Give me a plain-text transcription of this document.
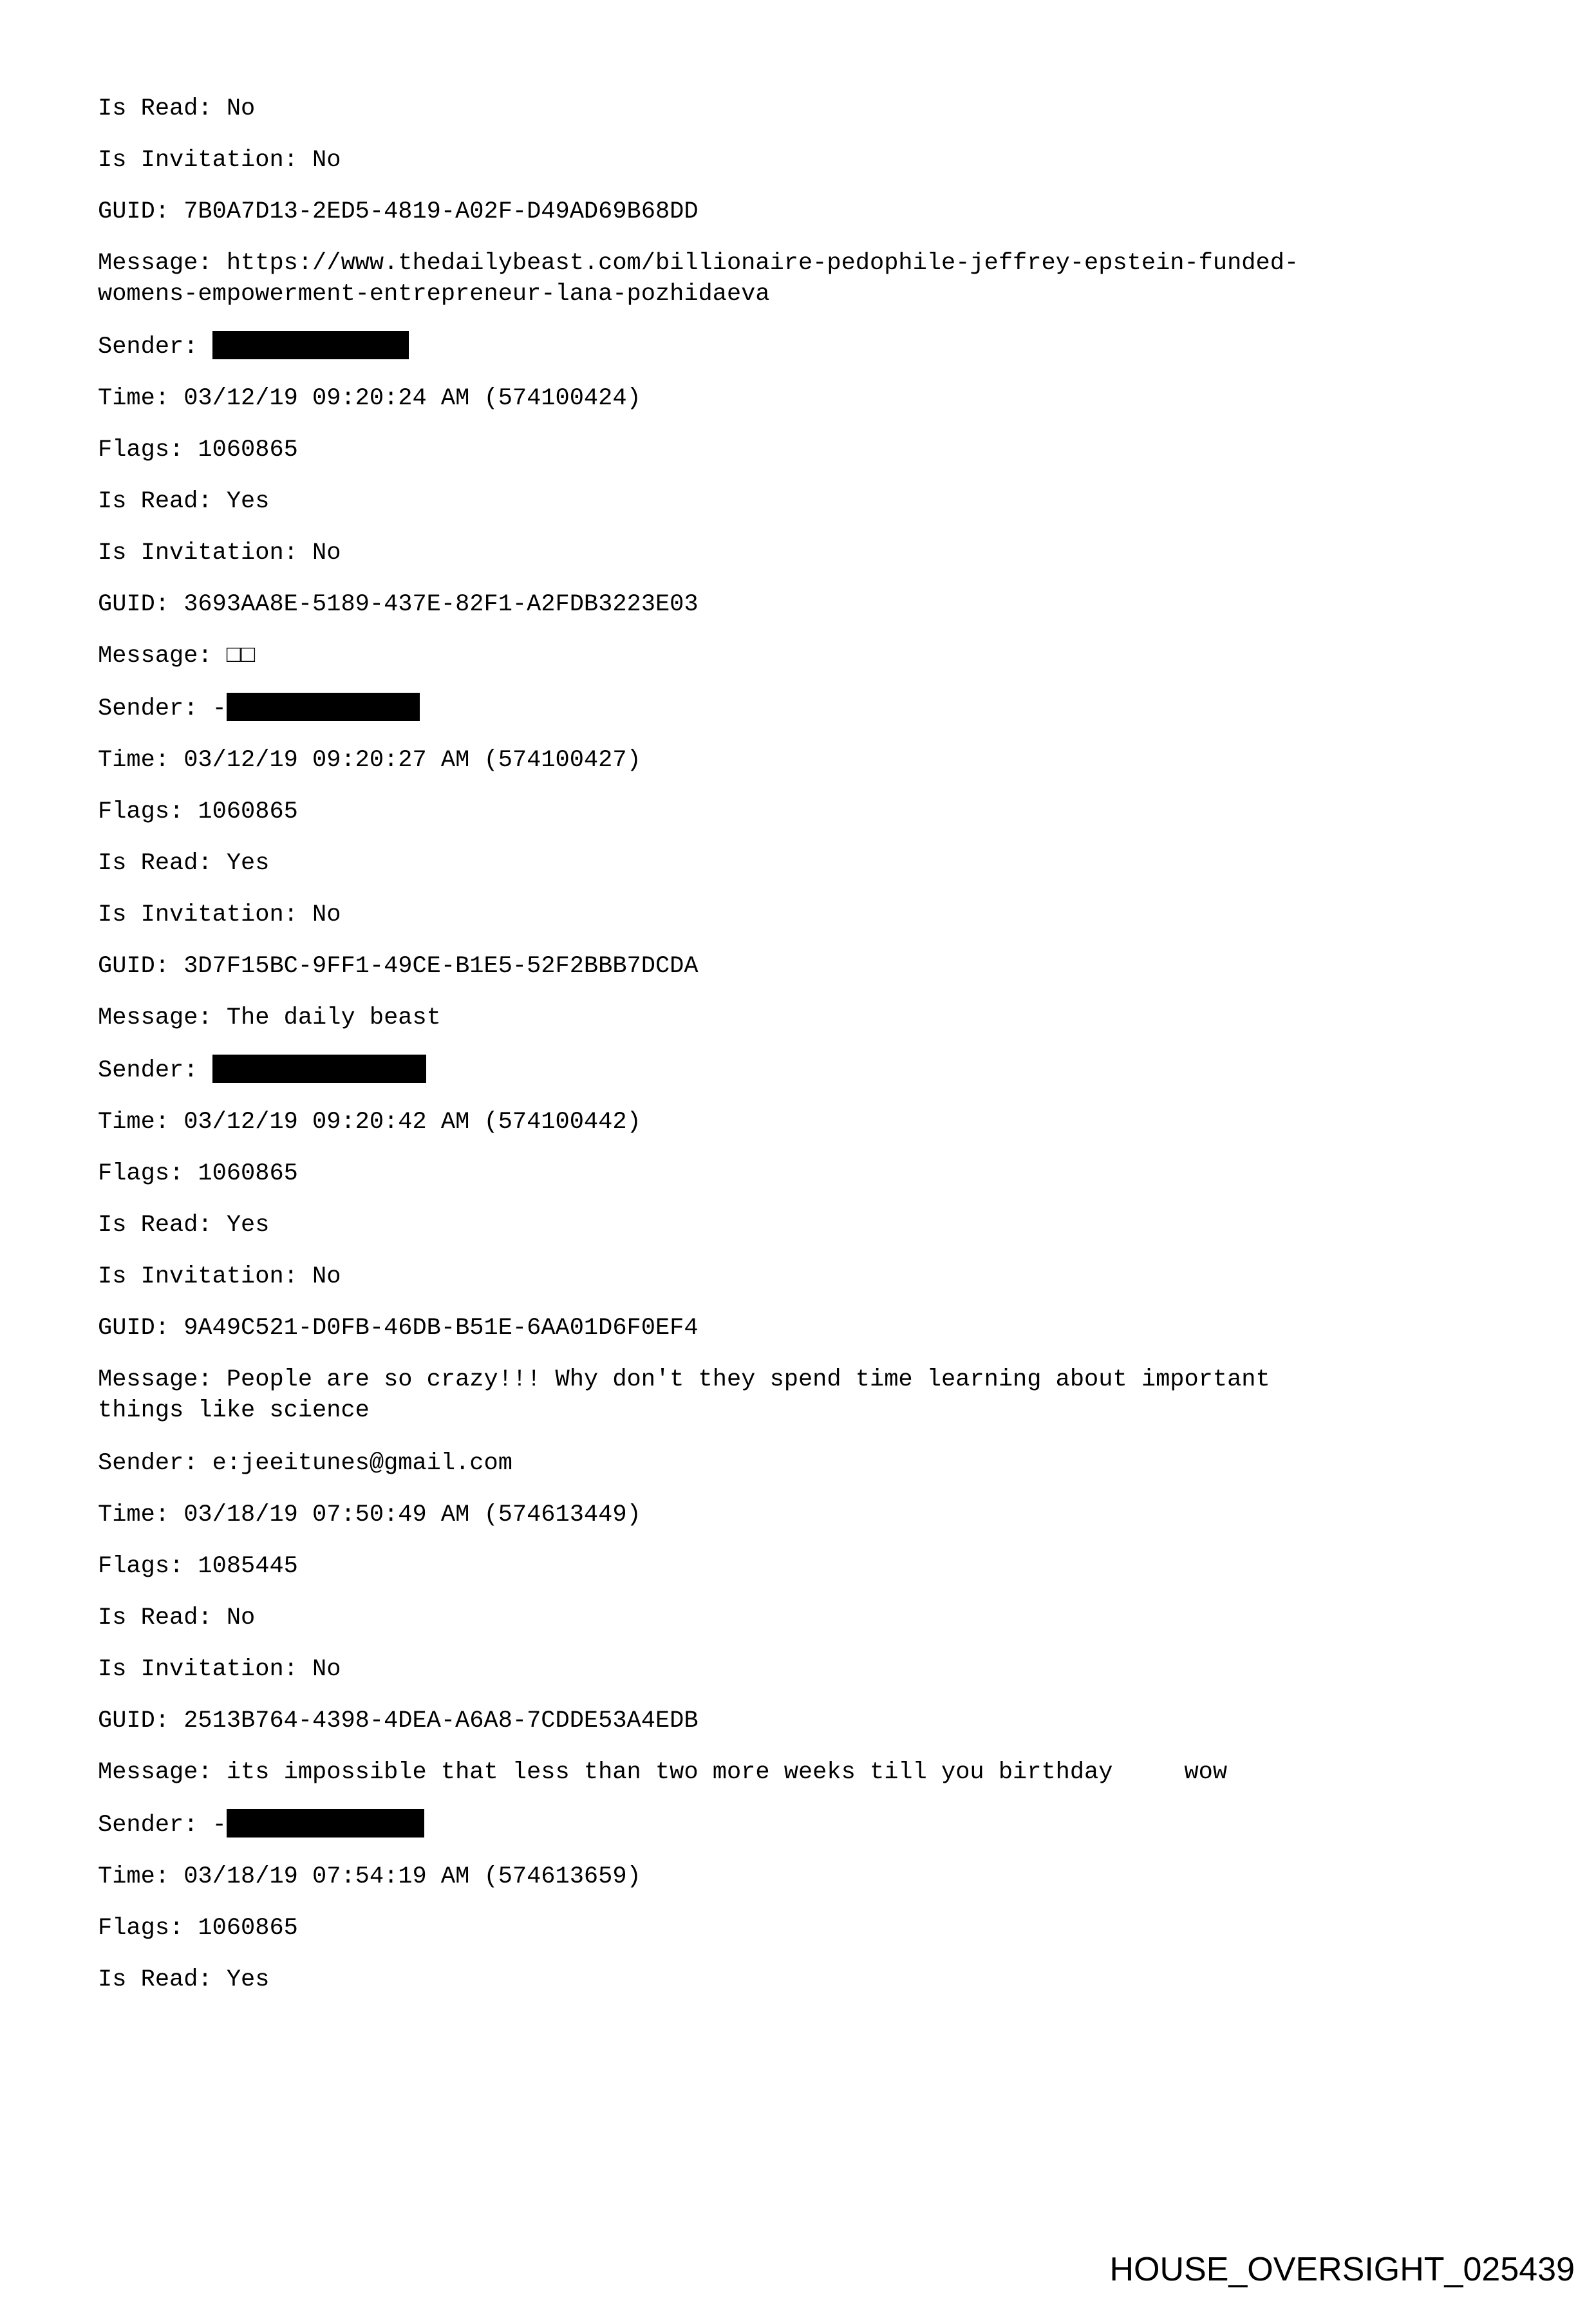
Is Read: No
Is Invitation: No
GUID: 7B0A7D13-2ED5-4819-A02F-D49AD69B68DD
Message: https://www.thedailybeast.com/billionaire-pedophile-jeffrey-epstein-funded-
womens-empowerment-entrepreneur-lana-pozhidaeva
Sender:
Time: 03/12/19 09:20:24 AM (574100424)
Flags: 1060865
Is Read: Yes
Is Invitation: No
GUID: 3693AA8E-5189-437E-82F1-A2FDB3223E03
Message: □□
Sender: -
Time: 03/12/19 09:20:27 AM (574100427)
Flags: 1060865
Is Read: Yes
Is Invitation: No
GUID: 3D7F15BC-9FF1-49CE-B1E5-52F2BBB7DCDA
Message: The daily beast
Sender:
Time: 03/12/19 09:20:42 AM (574100442)
Flags: 1060865
Is Read: Yes
Is Invitation: No
GUID: 9A49C521-D0FB-46DB-B51E-6AA01D6F0EF4
Message: People are so crazy!!! Why don't they spend time learning about important
things like science
Sender: e:jeeitunes@gmail.com
Time: 03/18/19 07:50:49 AM (574613449)
Flags: 1085445
Is Read: No
Is Invitation: No
GUID: 2513B764-4398-4DEA-A6A8-7CDDE53A4EDB
Message: its impossible that less than two more weeks till you birthday     wow
Sender: -
Time: 03/18/19 07:54:19 AM (574613659)
Flags: 1060865
Is Read: Yes
HOUSE_OVERSIGHT_025439
